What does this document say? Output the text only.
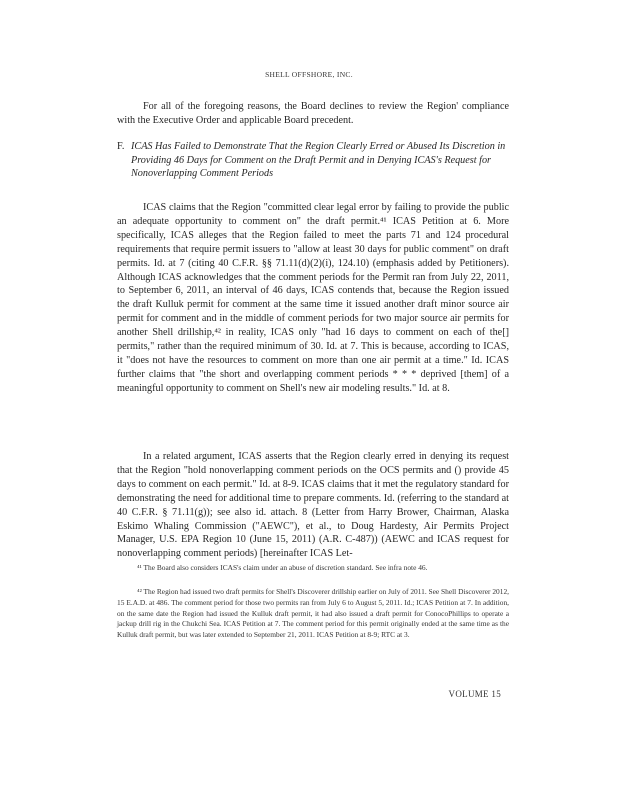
SHELL OFFSHORE, INC.

For all of the foregoing reasons, the Board declines to review the Region' compliance with the Executive Order and applicable Board precedent.

F. ICAS Has Failed to Demonstrate That the Region Clearly Erred or Abused Its Discretion in Providing 46 Days for Comment on the Draft Permit and in Denying ICAS's Request for Nonoverlapping Comment Periods

ICAS claims that the Region "committed clear legal error by failing to provide the public an adequate opportunity to comment on" the draft permit.⁴¹ ICAS Petition at 6. More specifically, ICAS alleges that the Region failed to meet the parts 71 and 124 procedural requirements that require permit issuers to "allow at least 30 days for public comment" on draft permits. Id. at 7 (citing 40 C.F.R. §§ 71.11(d)(2)(i), 124.10) (emphasis added by Petitioners). Although ICAS acknowledges that the comment periods for the Permit ran from July 22, 2011, to September 6, 2011, an interval of 46 days, ICAS contends that, because the Region issued the draft Kulluk permit for comment at the same time it issued another draft minor source air permit for comment and in the middle of comment periods for two major source air permits for another Shell drillship,⁴² in reality, ICAS only "had 16 days to comment on each of the[] permits," rather than the required minimum of 30. Id. at 7. This is because, according to ICAS, it "does not have the resources to comment on more than one air permit at a time." Id. ICAS further claims that "the short and overlapping comment periods * * * deprived [them] of a meaningful opportunity to comment on Shell's new air modeling results." Id. at 8.

In a related argument, ICAS asserts that the Region clearly erred in denying its request that the Region "hold nonoverlapping comment periods on the OCS permits and () provide 45 days to comment on each permit." Id. at 8-9. ICAS claims that it met the regulatory standard for demonstrating the need for additional time to prepare comments. Id. (referring to the standard at 40 C.F.R. § 71.11(g)); see also id. attach. 8 (Letter from Harry Brower, Chairman, Alaska Eskimo Whaling Commission ("AEWC"), et al., to Doug Hardesty, Air Permits Project Manager, U.S. EPA Region 10 (June 15, 2011) (A.R. C-487)) (AEWC and ICAS request for nonoverlapping comment periods) [hereinafter ICAS Let-

⁴¹ The Board also considers ICAS's claim under an abuse of discretion standard. See infra note 46.

⁴² The Region had issued two draft permits for Shell's Discoverer drillship earlier on July of 2011. See Shell Discoverer 2012, 15 E.A.D. at 486. The comment period for those two permits ran from July 6 to August 5, 2011. Id.; ICAS Petition at 7. In addition, on the same date the Region had issued the Kulluk draft permit, it had also issued a draft permit for ConocoPhillips to operate a jackup drill rig in the Chukchi Sea. ICAS Petition at 7. The comment period for this permit originally ended at the same time as the Kulluk draft permit, but was later extended to September 21, 2011. ICAS Petition at 8-9; RTC at 3.

VOLUME 15
